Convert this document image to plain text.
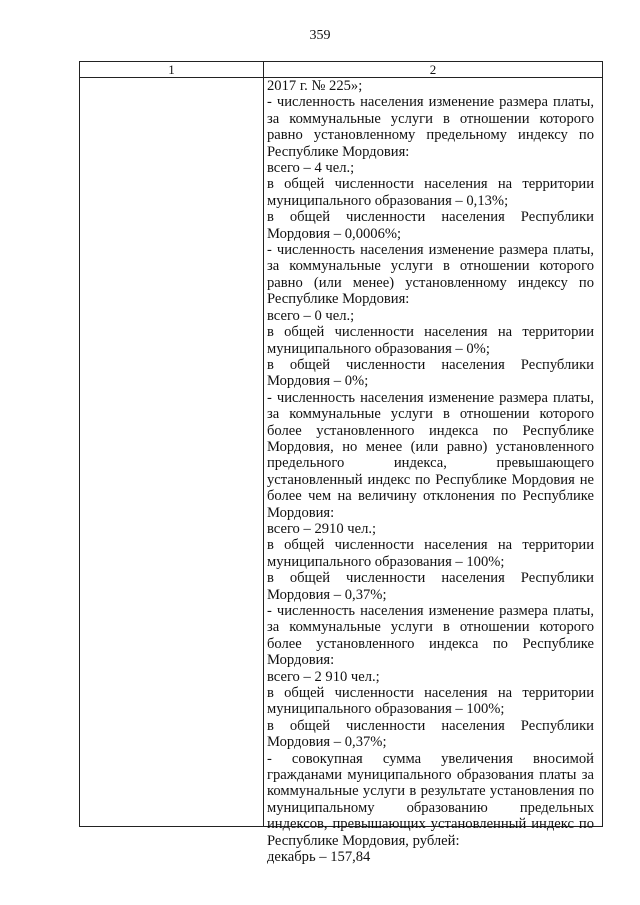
359
1	2

2017 г. № 225»;

- численность населения изменение размера платы, за коммунальные услуги в отношении которого равно установленному предельному индексу по Республике Мордовия:

всего – 4 чел.;

в общей численности населения на территории муниципального образования – 0,13%;

в общей численности населения Республики Мордовия – 0,0006%;

- численность населения изменение размера платы, за коммунальные услуги в отношении которого равно (или менее) установленному индексу по Республике Мордовия:

всего – 0 чел.;

в общей численности населения на территории муниципального образования – 0%;

в общей численности населения Республики Мордовия – 0%;

- численность населения изменение размера платы, за коммунальные услуги в отношении которого более установленного индекса по Республике Мордовия, но менее (или равно) установленного предельного индекса, превышающего установленный индекс по Республике Мордовия не более чем на величину отклонения по Республике Мордовия:

всего – 2910 чел.;

в общей численности населения на территории муниципального образования – 100%;

в общей численности населения Республики Мордовия – 0,37%;

- численность населения изменение размера платы, за коммунальные услуги в отношении которого более установленного индекса по Республике Мордовия:

всего – 2 910 чел.;

в общей численности населения на территории муниципального образования – 100%;

в общей численности населения Республики Мордовия – 0,37%;

- совокупная сумма увеличения вносимой гражданами муниципального образования платы за коммунальные услуги в результате установления по муниципальному образованию предельных индексов, превышающих установленный индекс по Республике Мордовия, рублей:

декабрь – 157,84
